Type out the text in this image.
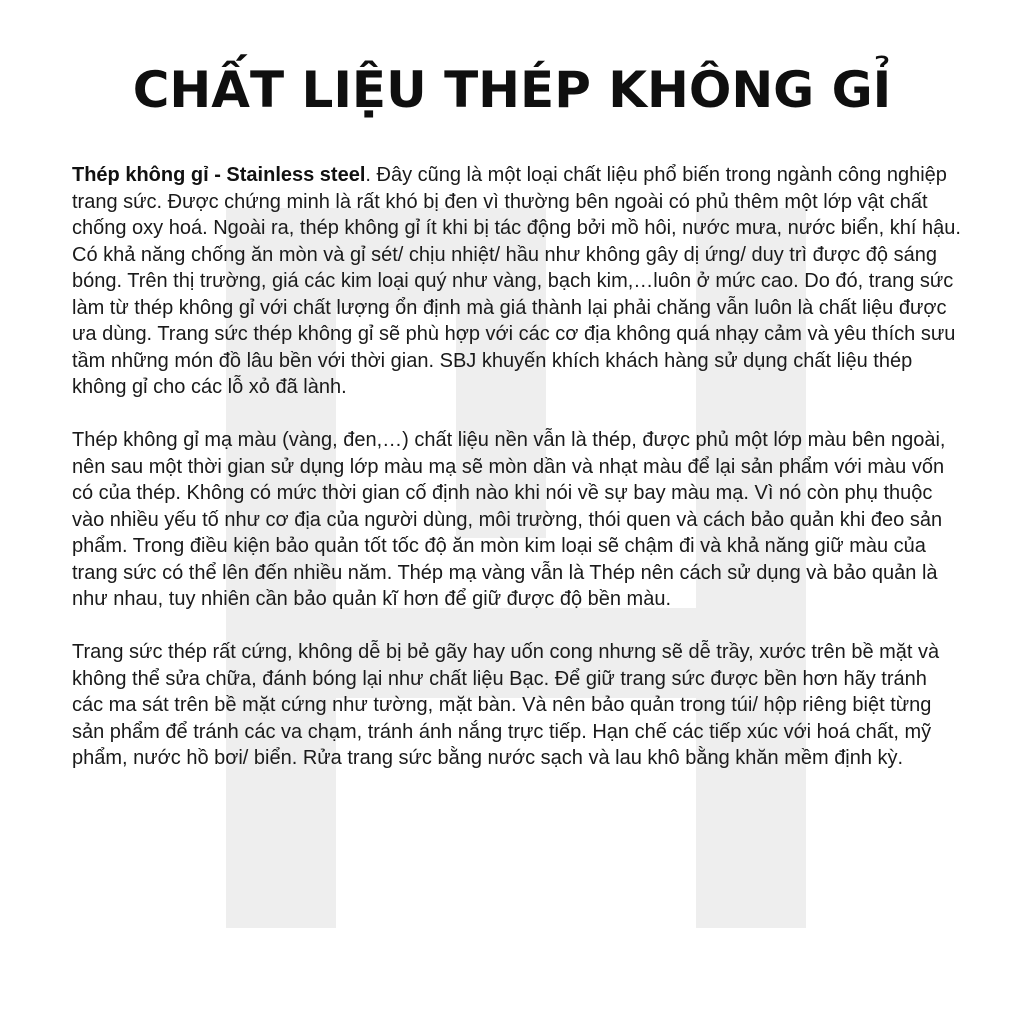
CHẤT LIỆU THÉP KHÔNG GỈ

Thép không gỉ - Stainless steel. Đây cũng là một loại chất liệu phổ biến trong ngành công nghiệp trang sức. Được chứng minh là rất khó bị đen vì thường bên ngoài có phủ thêm một lớp vật chất chống oxy hoá. Ngoài ra, thép không gỉ ít khi bị tác động bởi mồ hôi, nước mưa, nước biển, khí hậu. Có khả năng chống ăn mòn và gỉ sét/ chịu nhiệt/ hầu như không gây dị ứng/ duy trì được độ sáng bóng. Trên thị trường, giá các kim loại quý như vàng, bạch kim,…luôn ở mức cao. Do đó, trang sức làm từ thép không gỉ với chất lượng ổn định mà giá thành lại phải chăng vẫn luôn là chất liệu được ưa dùng. Trang sức thép không gỉ sẽ phù hợp với các cơ địa không quá nhạy cảm và yêu thích sưu tầm những món đồ lâu bền với thời gian. SBJ khuyến khích khách hàng sử dụng chất liệu thép không gỉ cho các lỗ xỏ đã lành.

Thép không gỉ mạ màu (vàng, đen,…) chất liệu nền vẫn là thép, được phủ một lớp màu bên ngoài, nên sau một thời gian sử dụng lớp màu mạ sẽ mòn dần và nhạt màu để lại sản phẩm với màu vốn có của thép. Không có mức thời gian cố định nào khi nói về sự bay màu mạ. Vì nó còn phụ thuộc vào nhiều yếu tố như cơ địa của người dùng, môi trường, thói quen và cách bảo quản khi đeo sản phẩm. Trong điều kiện bảo quản tốt tốc độ ăn mòn kim loại sẽ chậm đi và khả năng giữ màu của trang sức có thể lên đến nhiều năm. Thép mạ vàng vẫn là Thép nên cách sử dụng và bảo quản là như nhau, tuy nhiên cần bảo quản kĩ hơn để giữ được độ bền màu.

Trang sức thép rất cứng, không dễ bị bẻ gãy hay uốn cong nhưng sẽ dễ trầy, xước trên bề mặt và không thể sửa chữa, đánh bóng lại như chất liệu Bạc. Để giữ trang sức được bền hơn hãy tránh các ma sát trên bề mặt cứng như tường, mặt bàn. Và nên bảo quản trong túi/ hộp riêng biệt từng sản phẩm để tránh các va chạm, tránh ánh nắng trực tiếp. Hạn chế các tiếp xúc với hoá chất, mỹ phẩm, nước hồ bơi/ biển. Rửa trang sức bằng nước sạch và lau khô bằng khăn mềm định kỳ.
